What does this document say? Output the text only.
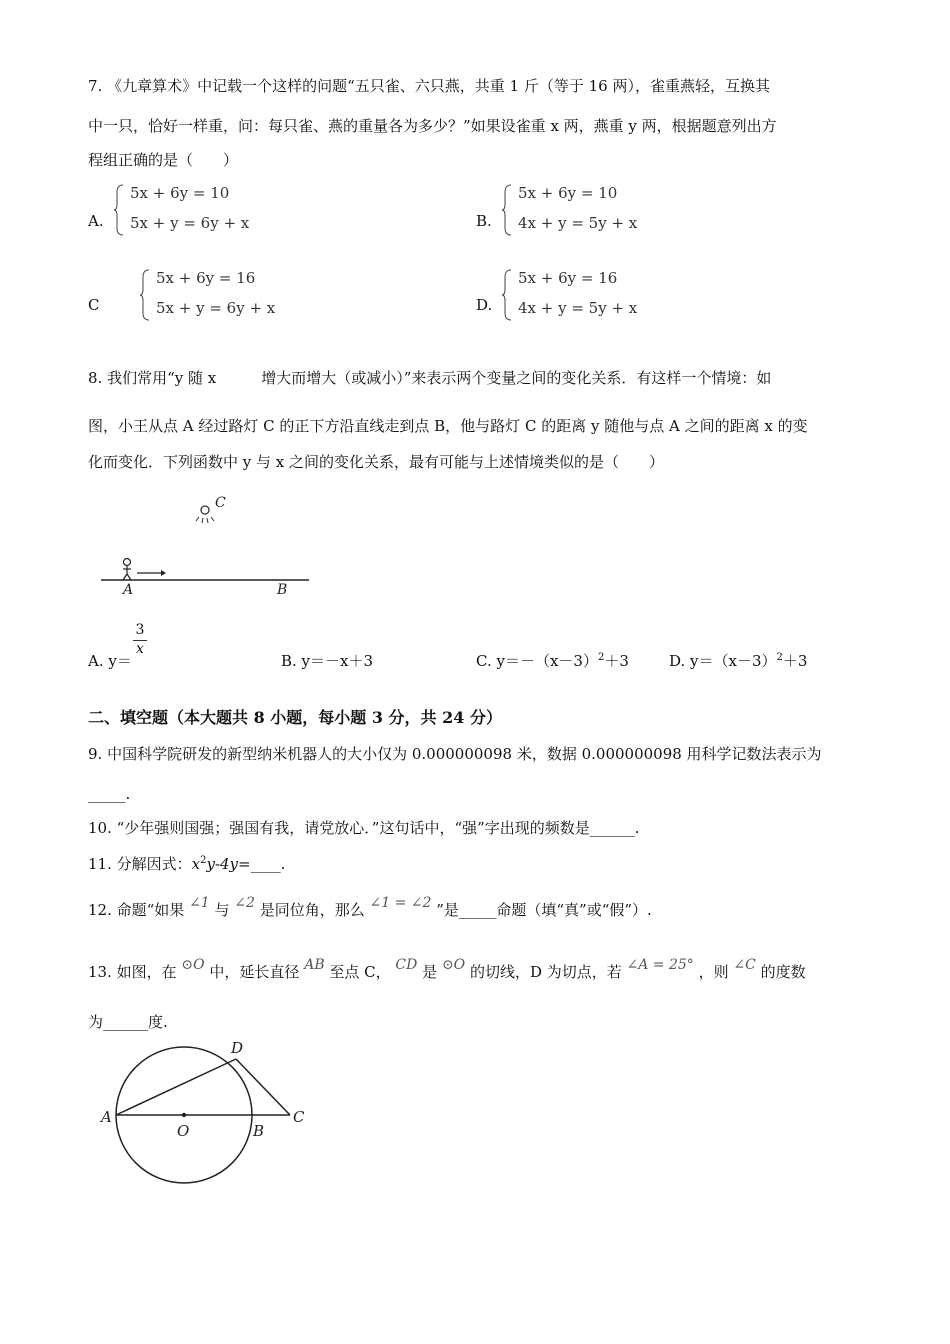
7. 《九章算术》中记载一个这样的问题“五只雀、六只燕，共重 1 斤（等于 16 两），雀重燕轻，互换其
中一只，恰好一样重，问：每只雀、燕的重量各为多少？”如果设雀重 x 两，燕重 y 两，根据题意列出方
程组正确的是（　　）
A.
5x + 6y = 10
5x + y = 6y + x	B.
5x + 6y = 10
4x + y = 5y + x
C
5x + 6y = 16
5x + y = 6y + x	D.
5x + 6y = 16
4x + y = 5y + x
8. 我们常用“y 随 x　　　增大而增大（或减小）”来表示两个变量之间的变化关系．有这样一个情境：如
图，小王从点 A 经过路灯 C 的正下方沿直线走到点 B，他与路灯 C 的距离 y 随他与点 A 之间的距离 x 的变
化而变化．下列函数中 y 与 x 之间的变化关系，最有可能与上述情境类似的是（　　）
C
A	B
A. y＝
$\frac{3}{x}$
B. y＝－x＋3	C. $y=-(x-3)^2+3$	D. $y=(x-3)^2+3$
二、填空题（本大题共 8 小题，每小题 3 分，共 24 分）
9. 中国科学院研发的新型纳米机器人的大小仅为 0.000000098 米，数据 0.000000098 用科学记数法表示为
_____.
10. “少年强则国强；强国有我，请党放心．”这句话中，“强”字出现的频数是______.
11. 分解因式：$x^2y-4y=\_\_\_\_$.
12. 命题“如果 ∠1 与 ∠2 是同位角，那么 ∠1 = ∠2 ”是_____命题（填“真”或“假”）.
13. 如图，在 ⊙O 中，延长直径 AB 至点 C， CD 是 ⊙O 的切线，D 为切点，若 ∠A = 25° ，则 ∠C 的度数
为______度.
A
O	B
C
D
